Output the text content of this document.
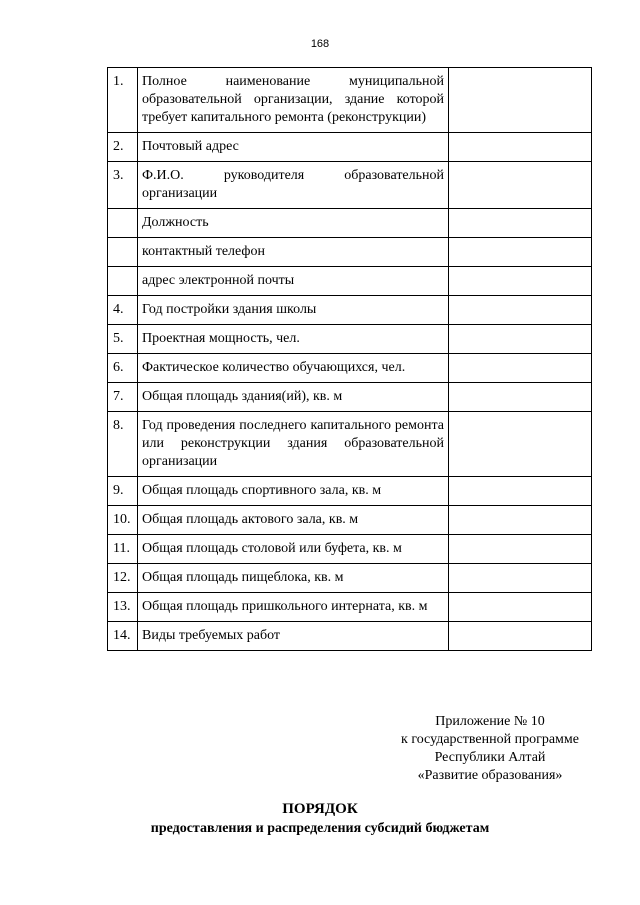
168
1.	Полное наименование муниципальной образовательной организации, здание которой требует капитального ремонта (реконструкции)	
2.	Почтовый адрес	
3.	Ф.И.О. руководителя образовательной организации	
	Должность	
	контактный телефон	
	адрес электронной почты	
4.	Год постройки здания школы	
5.	Проектная мощность, чел.	
6.	Фактическое количество обучающихся, чел.	
7.	Общая площадь здания(ий), кв. м	
8.	Год проведения последнего капитального ремонта или реконструкции здания образовательной организации	
9.	Общая площадь спортивного зала, кв. м	
10.	Общая площадь актового зала, кв. м	
11.	Общая площадь столовой или буфета, кв. м	
12.	Общая площадь пищеблока, кв. м	
13.	Общая площадь пришкольного интерната, кв. м	
14.	Виды требуемых работ	
Приложение № 10
к государственной программе
Республики Алтай
«Развитие образования»
ПОРЯДОК
предоставления и распределения субсидий бюджетам
